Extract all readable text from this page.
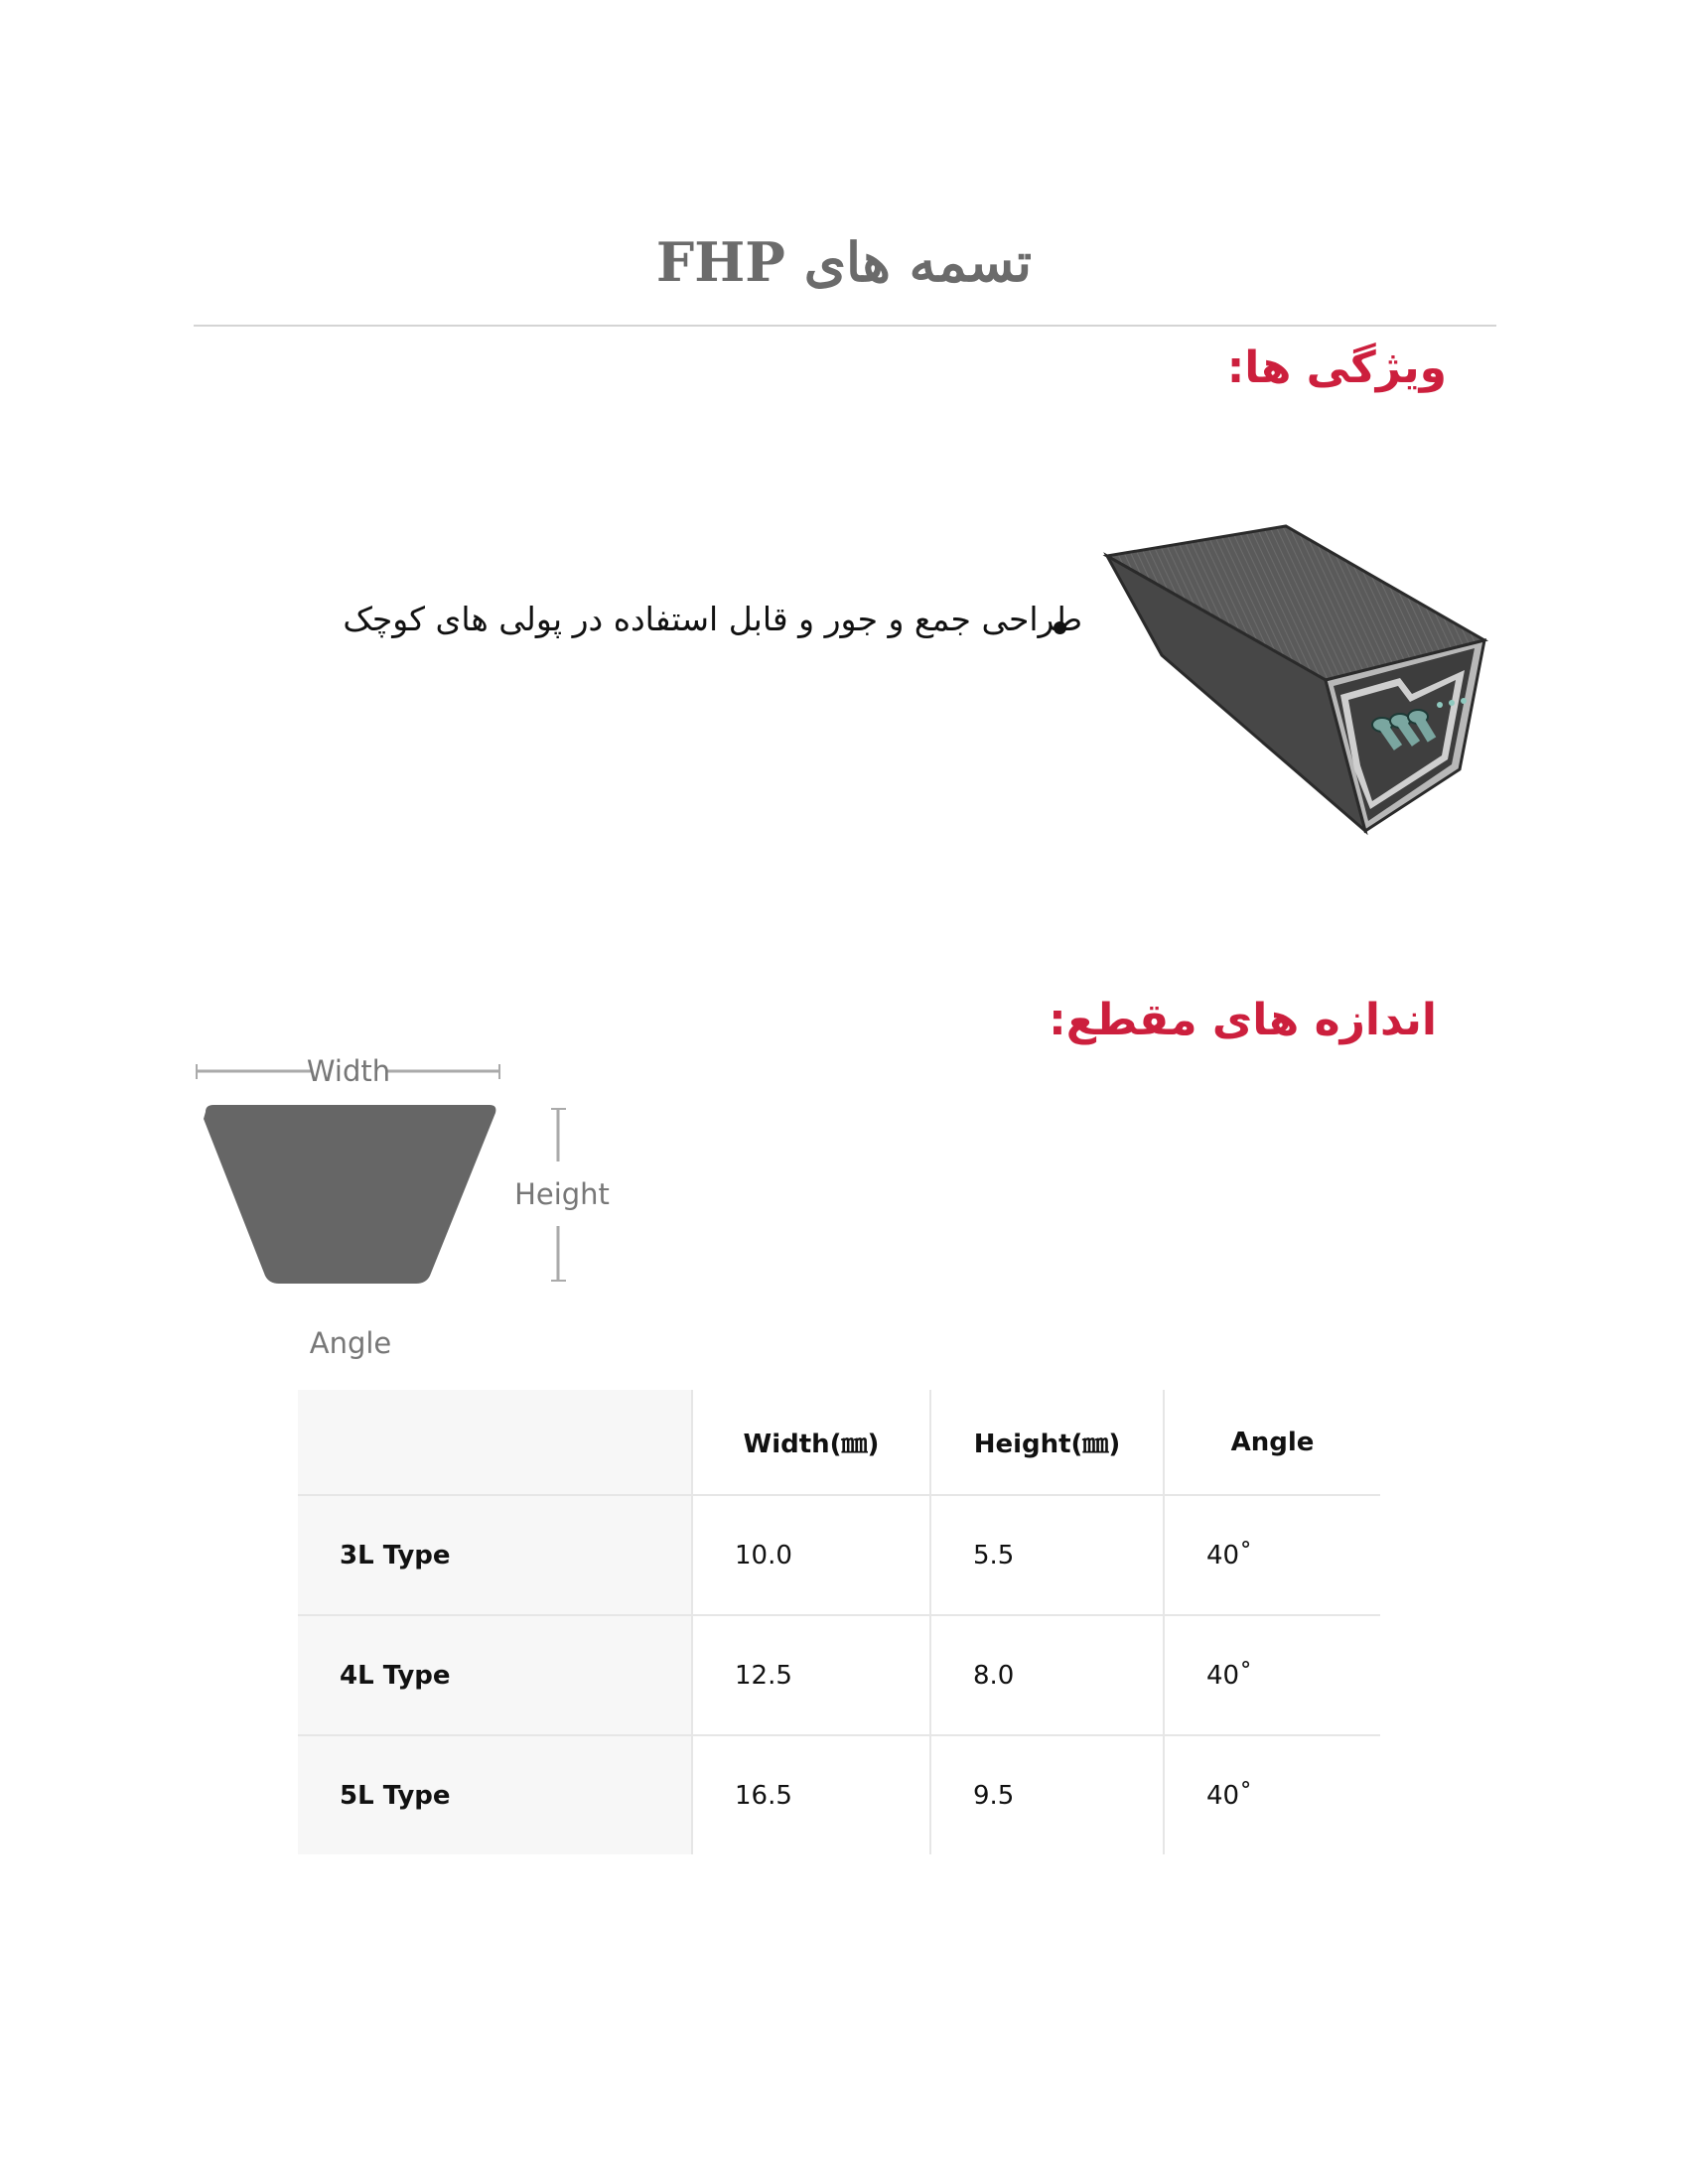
تسمه های FHP
ویژگی ها:
طراحی جمع و جور و قابل استفاده در پولی های کوچک
اندازه های مقطع:
Width
Height
Angle
	Width(㎜)	Height(㎜)	Angle
3L Type	10.0	5.5	40˚
4L Type	12.5	8.0	40˚
5L Type	16.5	9.5	40˚
